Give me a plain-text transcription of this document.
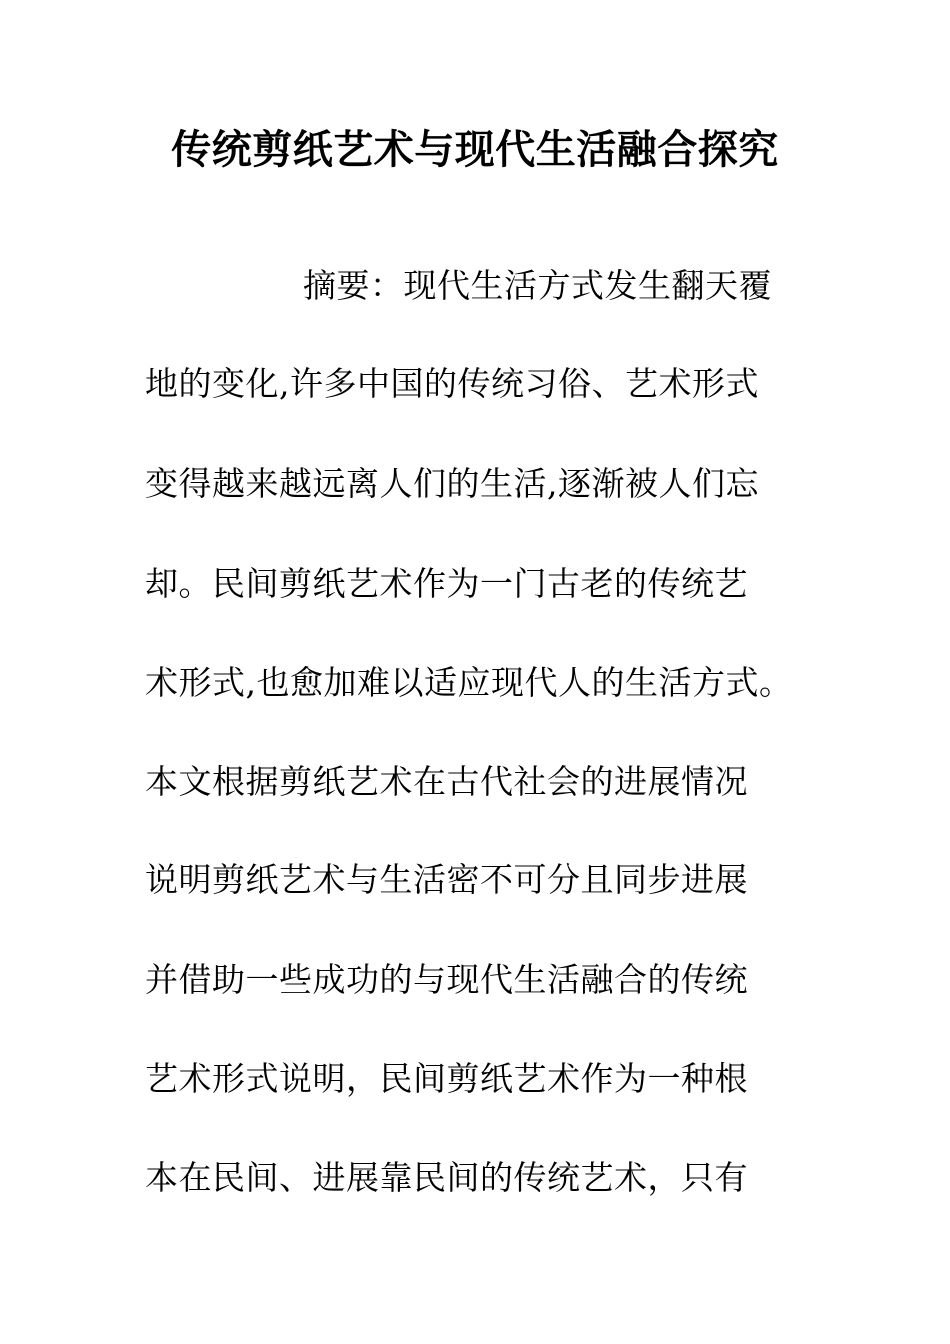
传统剪纸艺术与现代生活融合探究
摘要：现代生活方式发生翻天覆
地的变化,许多中国的传统习俗、艺术形式
变得越来越远离人们的生活,逐渐被人们忘
却。民间剪纸艺术作为一门古老的传统艺
术形式,也愈加难以适应现代人的生活方式。
本文根据剪纸艺术在古代社会的进展情况
说明剪纸艺术与生活密不可分且同步进展
并借助一些成功的与现代生活融合的传统
艺术形式说明，民间剪纸艺术作为一种根
本在民间、进展靠民间的传统艺术，只有
